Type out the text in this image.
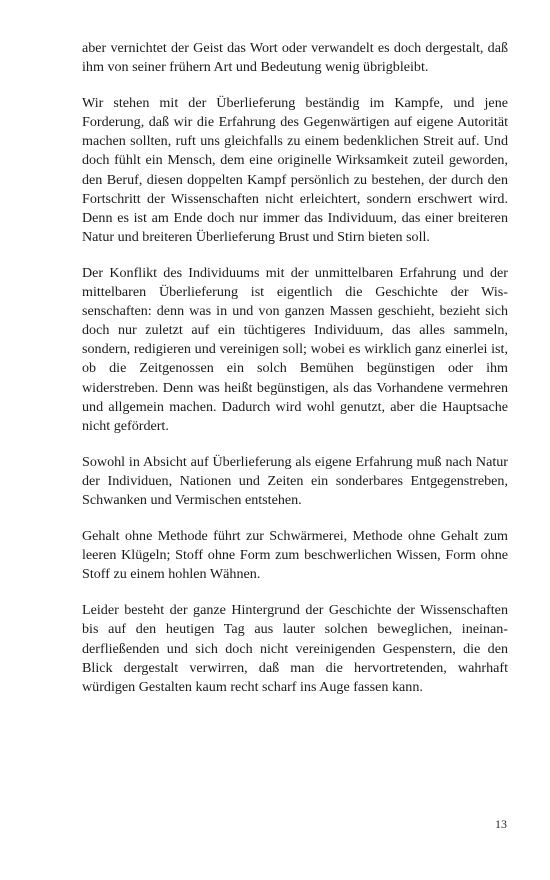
aber vernichtet der Geist das Wort oder verwandelt es doch dergestalt, daß ihm von seiner frühern Art und Bedeutung wenig übrigbleibt.

Wir stehen mit der Überlieferung beständig im Kampfe, und jene Forderung, daß wir die Erfahrung des Gegenwärtigen auf eigene Autorität machen sollten, ruft uns gleichfalls zu einem bedenklichen Streit auf. Und doch fühlt ein Mensch, dem eine originelle Wirksamkeit zuteil geworden, den Beruf, diesen doppelten Kampf persönlich zu bestehen, der durch den Fortschritt der Wissenschaften nicht erleichtert, sondern erschwert wird. Denn es ist am Ende doch nur immer das Individuum, das einer breiteren Natur und breiteren Überlieferung Brust und Stirn bieten soll.

Der Konflikt des Individuums mit der unmittelbaren Erfahrung und der mittelbaren Überlieferung ist eigentlich die Geschichte der Wissenschaften: denn was in und von ganzen Massen geschieht, bezieht sich doch nur zuletzt auf ein tüchtigeres Individuum, das alles sammeln, sondern, redigieren und vereinigen soll; wobei es wirklich ganz einerlei ist, ob die Zeitgenossen ein solch Bemühen begünstigen oder ihm widerstreben. Denn was heißt begünstigen, als das Vorhandene vermehren und allgemein machen. Dadurch wird wohl genutzt, aber die Hauptsache nicht gefördert.

Sowohl in Absicht auf Überlieferung als eigene Erfahrung muß nach Natur der Individuen, Nationen und Zeiten ein sonderbares Entgegenstreben, Schwanken und Vermischen entstehen.

Gehalt ohne Methode führt zur Schwärmerei, Methode ohne Gehalt zum leeren Klügeln; Stoff ohne Form zum beschwerlichen Wissen, Form ohne Stoff zu einem hohlen Wähnen.

Leider besteht der ganze Hintergrund der Geschichte der Wissenschaften bis auf den heutigen Tag aus lauter solchen beweglichen, ineinanderfließenden und sich doch nicht vereinigenden Gespenstern, die den Blick dergestalt verwirren, daß man die hervortretenden, wahrhaft würdigen Gestalten kaum recht scharf ins Auge fassen kann.

13
